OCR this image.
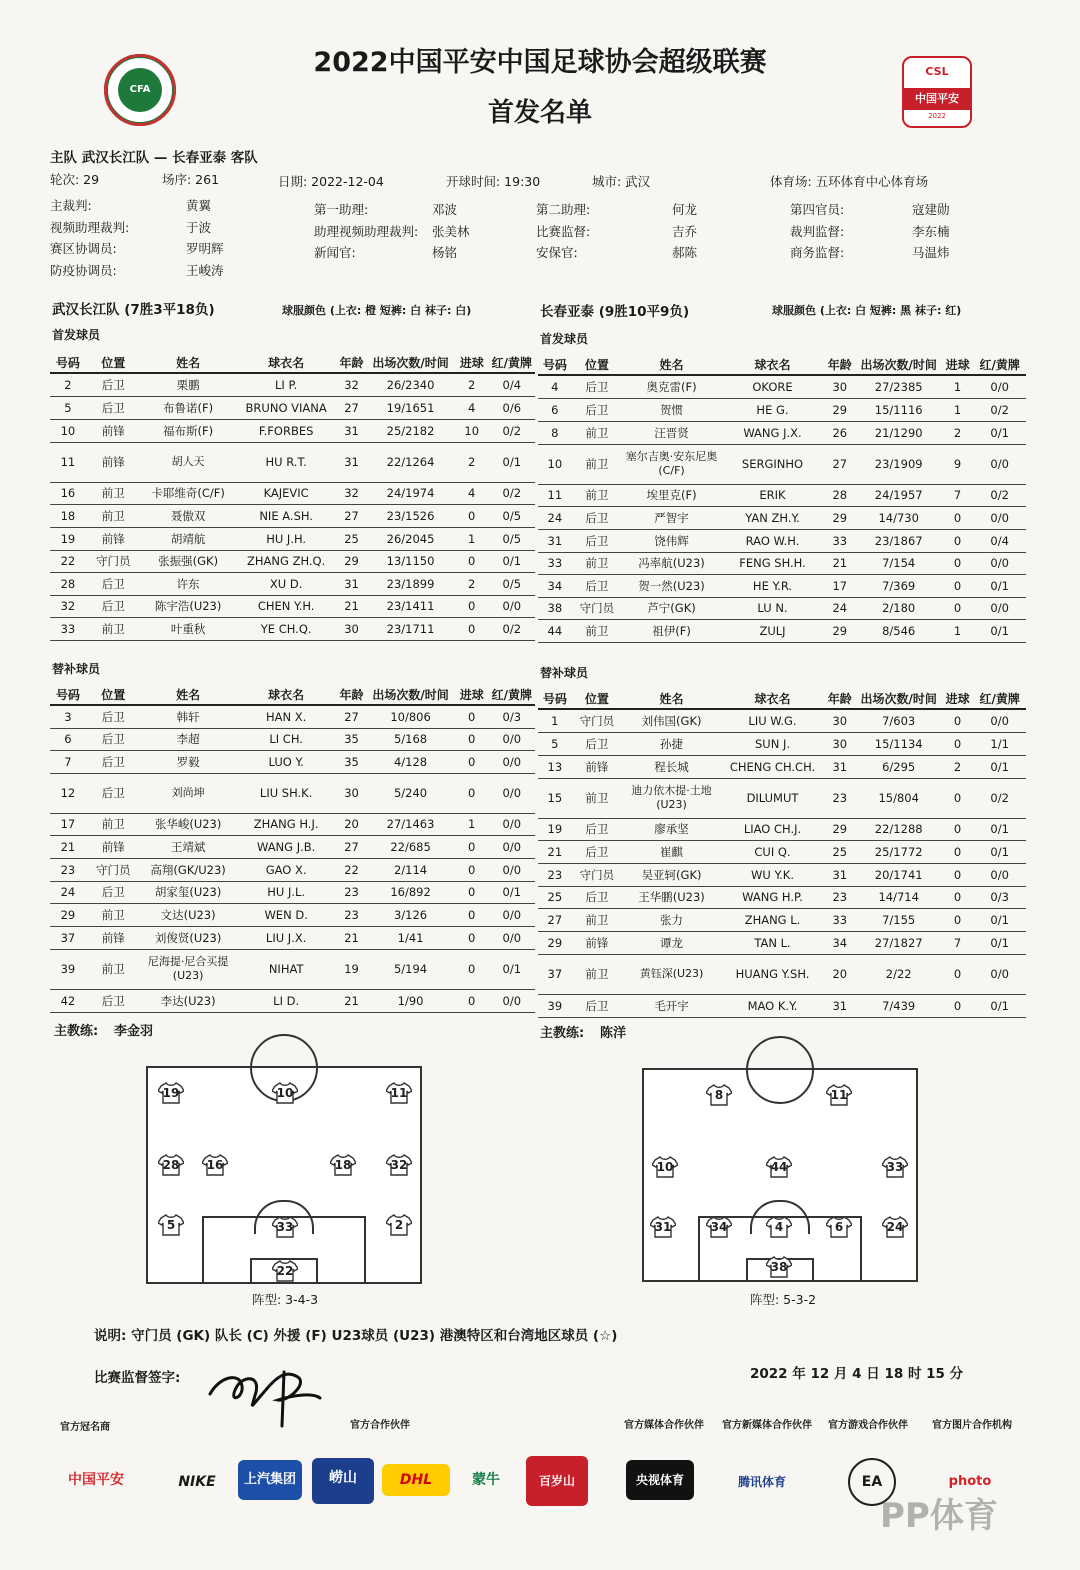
CFA
2022中国平安中国足球协会超级联赛
首发名单
CSL
中国平安
2022
主队 武汉长江队 — 长春亚泰 客队
轮次: 29	场序: 261	日期: 2022-12-04	开球时间: 19:30	城市: 武汉	体育场: 五环体育中心体育场
主裁判:	黄翼
视频助理裁判:	于波
赛区协调员:	罗明辉
防疫协调员:	王峻涛
第一助理:	邓波
助理视频助理裁判: 张美林
新闻官:	杨铭
第二助理:	何龙
比赛监督:	吉乔
安保官:	郝陈
第四官员:	寇建勋
裁判监督:	李东楠
商务监督:	马温炜
武汉长江队 (7胜3平18负)	球服颜色 (上衣: 橙 短裤: 白 袜子: 白)	长春亚泰 (9胜10平9负)	球服颜色 (上衣: 白 短裤: 黑 袜子: 红)
首发球员	首发球员
号码	位置	姓名	球衣名	年龄	出场次数/时间	进球	红/黄牌
2	后卫	栗鹏	LI P.	32	26/2340	2	0/4
5	后卫	布鲁诺(F)	BRUNO VIANA	27	19/1651	4	0/6
10	前锋	福布斯(F)	F.FORBES	31	25/2182	10	0/2
11	前锋	胡人天	HU R.T.	31	22/1264	2	0/1
16	前卫	卡耶维奇(C/F)	KAJEVIC	32	24/1974	4	0/2
18	前卫	聂傲双	NIE A.SH.	27	23/1526	0	0/5
19	前锋	胡靖航	HU J.H.	25	26/2045	1	0/5
22	守门员	张振强(GK)	ZHANG ZH.Q.	29	13/1150	0	0/1
28	后卫	许东	XU D.	31	23/1899	2	0/5
32	后卫	陈宇浩(U23)	CHEN Y.H.	21	23/1411	0	0/0
33	前卫	叶重秋	YE CH.Q.	30	23/1711	0	0/2
号码	位置	姓名	球衣名	年龄	出场次数/时间	进球	红/黄牌
4	后卫	奥克雷(F)	OKORE	30	27/2385	1	0/0
6	后卫	贺惯	HE G.	29	15/1116	1	0/2
8	前卫	汪晋贤	WANG J.X.	26	21/1290	2	0/1
10	前卫	塞尔吉奥·安东尼奥(C/F)	SERGINHO	27	23/1909	9	0/0
11	前卫	埃里克(F)	ERIK	28	24/1957	7	0/2
24	后卫	严智宇	YAN ZH.Y.	29	14/730	0	0/0
31	后卫	饶伟辉	RAO W.H.	33	23/1867	0	0/4
33	前卫	冯率航(U23)	FENG SH.H.	21	7/154	0	0/0
34	后卫	贺一然(U23)	HE Y.R.	17	7/369	0	0/1
38	守门员	芦宁(GK)	LU N.	24	2/180	0	0/0
44	前卫	祖伊(F)	ZULJ	29	8/546	1	0/1
替补球员	替补球员
号码	位置	姓名	球衣名	年龄	出场次数/时间	进球	红/黄牌
3	后卫	韩轩	HAN X.	27	10/806	0	0/3
6	后卫	李超	LI CH.	35	5/168	0	0/0
7	后卫	罗毅	LUO Y.	35	4/128	0	0/0
12	后卫	刘尚坤	LIU SH.K.	30	5/240	0	0/0
17	前卫	张华峻(U23)	ZHANG H.J.	20	27/1463	1	0/0
21	前锋	王靖斌	WANG J.B.	27	22/685	0	0/0
23	守门员	高翔(GK/U23)	GAO X.	22	2/114	0	0/0
24	后卫	胡家玺(U23)	HU J.L.	23	16/892	0	0/1
29	前卫	文达(U23)	WEN D.	23	3/126	0	0/0
37	前锋	刘俊贤(U23)	LIU J.X.	21	1/41	0	0/0
39	前卫	尼海提·尼合买提(U23)	NIHAT	19	5/194	0	0/1
42	后卫	李达(U23)	LI D.	21	1/90	0	0/0
号码	位置	姓名	球衣名	年龄	出场次数/时间	进球	红/黄牌
1	守门员	刘伟国(GK)	LIU W.G.	30	7/603	0	0/0
5	后卫	孙捷	SUN J.	30	15/1134	0	1/1
13	前锋	程长城	CHENG CH.CH.	31	6/295	2	0/1
15	前卫	迪力依木提·土地(U23)	DILUMUT	23	15/804	0	0/2
19	后卫	廖承坚	LIAO CH.J.	29	22/1288	0	0/1
21	后卫	崔麒	CUI Q.	25	25/1772	0	0/1
23	守门员	吴亚轲(GK)	WU Y.K.	31	20/1741	0	0/0
25	后卫	王华鹏(U23)	WANG H.P.	23	14/714	0	0/3
27	前卫	张力	ZHANG L.	33	7/155	0	0/1
29	前锋	谭龙	TAN L.	34	27/1827	7	0/1
37	前卫	黄钰深(U23)	HUANG Y.SH.	20	2/22	0	0/0
39	后卫	毛开宇	MAO K.Y.	31	7/439	0	0/1
主教练: 李金羽	主教练: 陈洋
19	10	11
28	16	18	32
5	33	2
22
阵型: 3-4-3
8	11
10	44	33
31	34	4	6	24
38
阵型: 5-3-2
说明: 守门员 (GK) 队长 (C) 外援 (F) U23球员 (U23) 港澳特区和台湾地区球员 (☆)
比赛监督签字:	2022 年 12 月 4 日 18 时 15 分
官方冠名商	官方合作伙伴	官方媒体合作伙伴 官方新媒体合作伙伴 官方游戏合作伙伴 官方图片合作机构
中国平安	NIKE	上汽集团	崂山	DHL	蒙牛	百岁山	央视体育	腾讯体育	EA	photo
PP体育
